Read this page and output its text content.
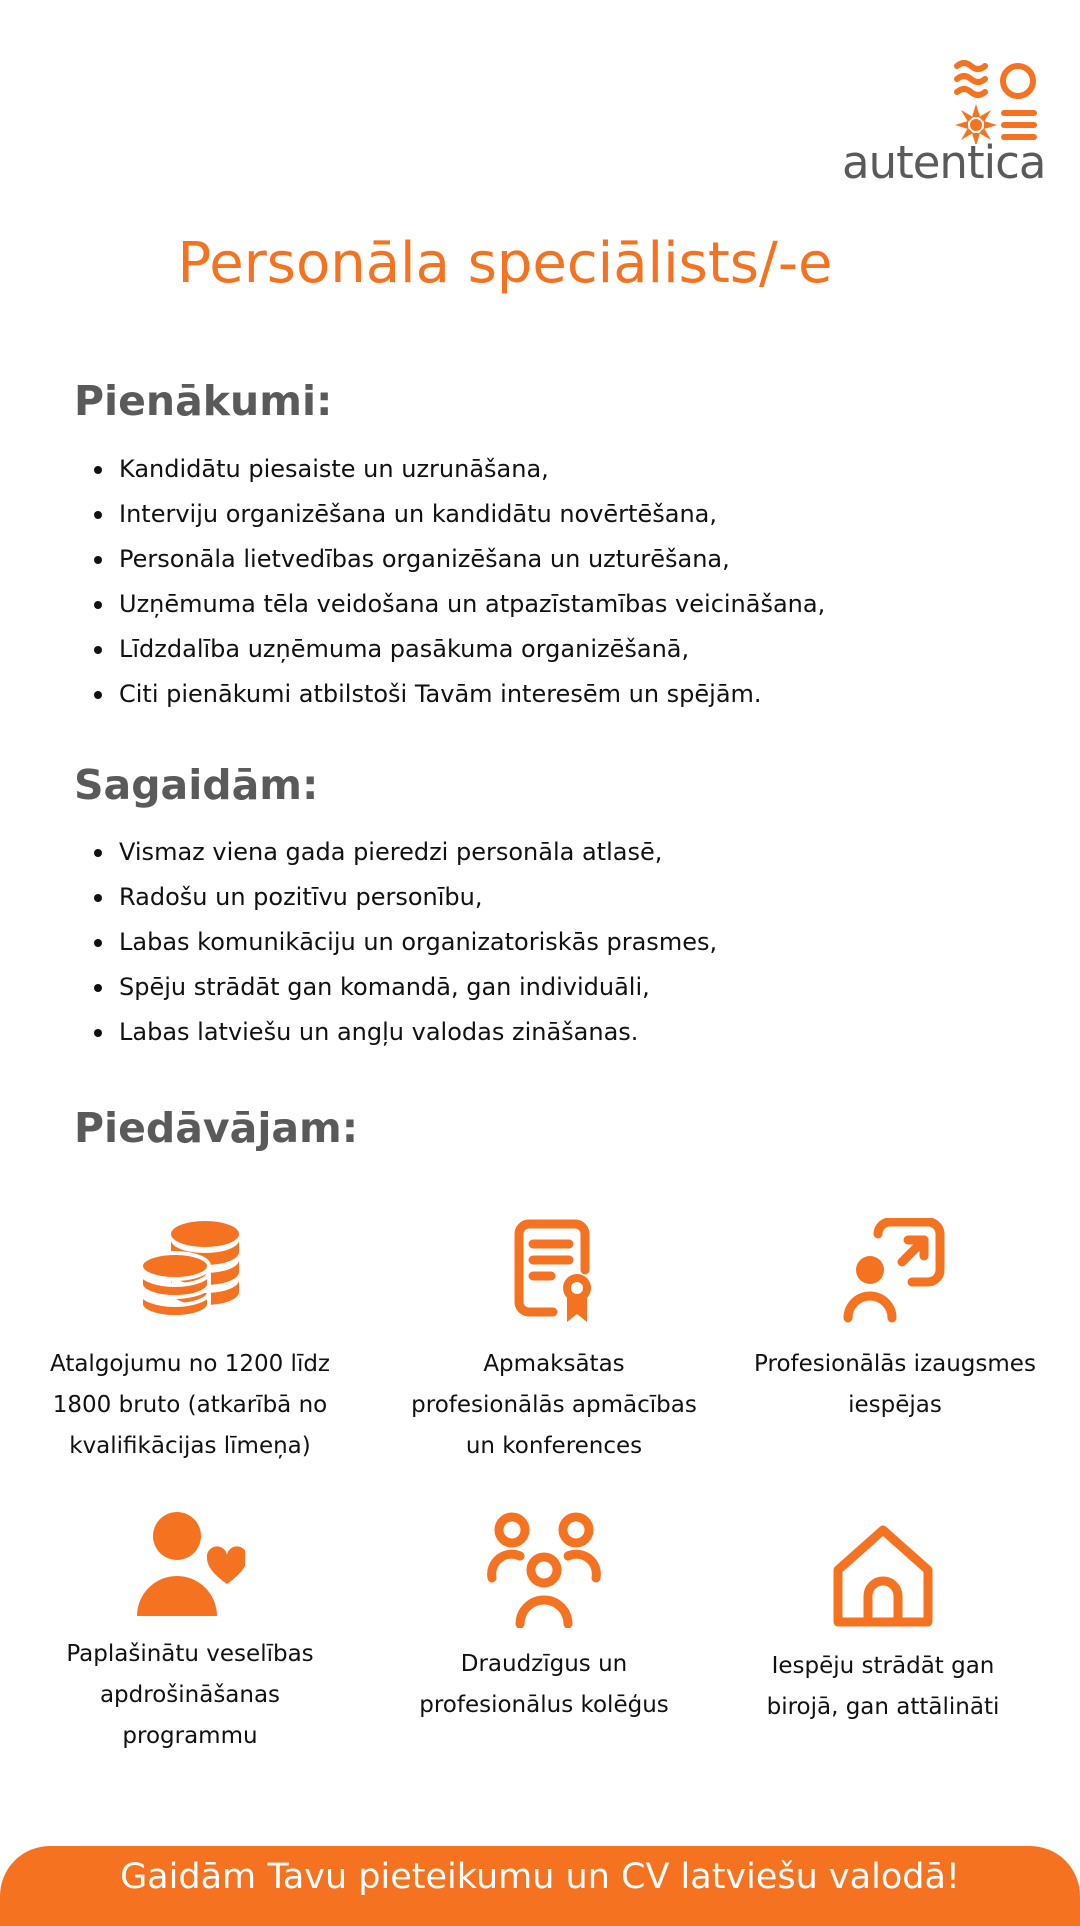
autentica
Personāla speciālists/-e
Pienākumi:
Kandidātu piesaiste un uzrunāšana,
Interviju organizēšana un kandidātu novērtēšana,
Personāla lietvedības organizēšana un uzturēšana,
Uzņēmuma tēla veidošana un atpazīstamības veicināšana,
Līdzdalība uzņēmuma pasākuma organizēšanā,
Citi pienākumi atbilstoši Tavām interesēm un spējām.
Sagaidām:
Vismaz viena gada pieredzi personāla atlasē,
Radošu un pozitīvu personību,
Labas komunikāciju un organizatoriskās prasmes,
Spēju strādāt gan komandā, gan individuāli,
Labas latviešu un angļu valodas zināšanas.
Piedāvājam:
Atalgojumu no 1200 līdz
1800 bruto (atkarībā no
kvalifikācijas līmeņa)
Apmaksātas
profesionālās apmācības
un konferences
Profesionālās izaugsmes
iespējas
Paplašinātu veselības
apdrošināšanas
programmu
Draudzīgus un
profesionālus kolēģus
Iespēju strādāt gan
birojā, gan attālināti
Gaidām Tavu pieteikumu un CV latviešu valodā!
